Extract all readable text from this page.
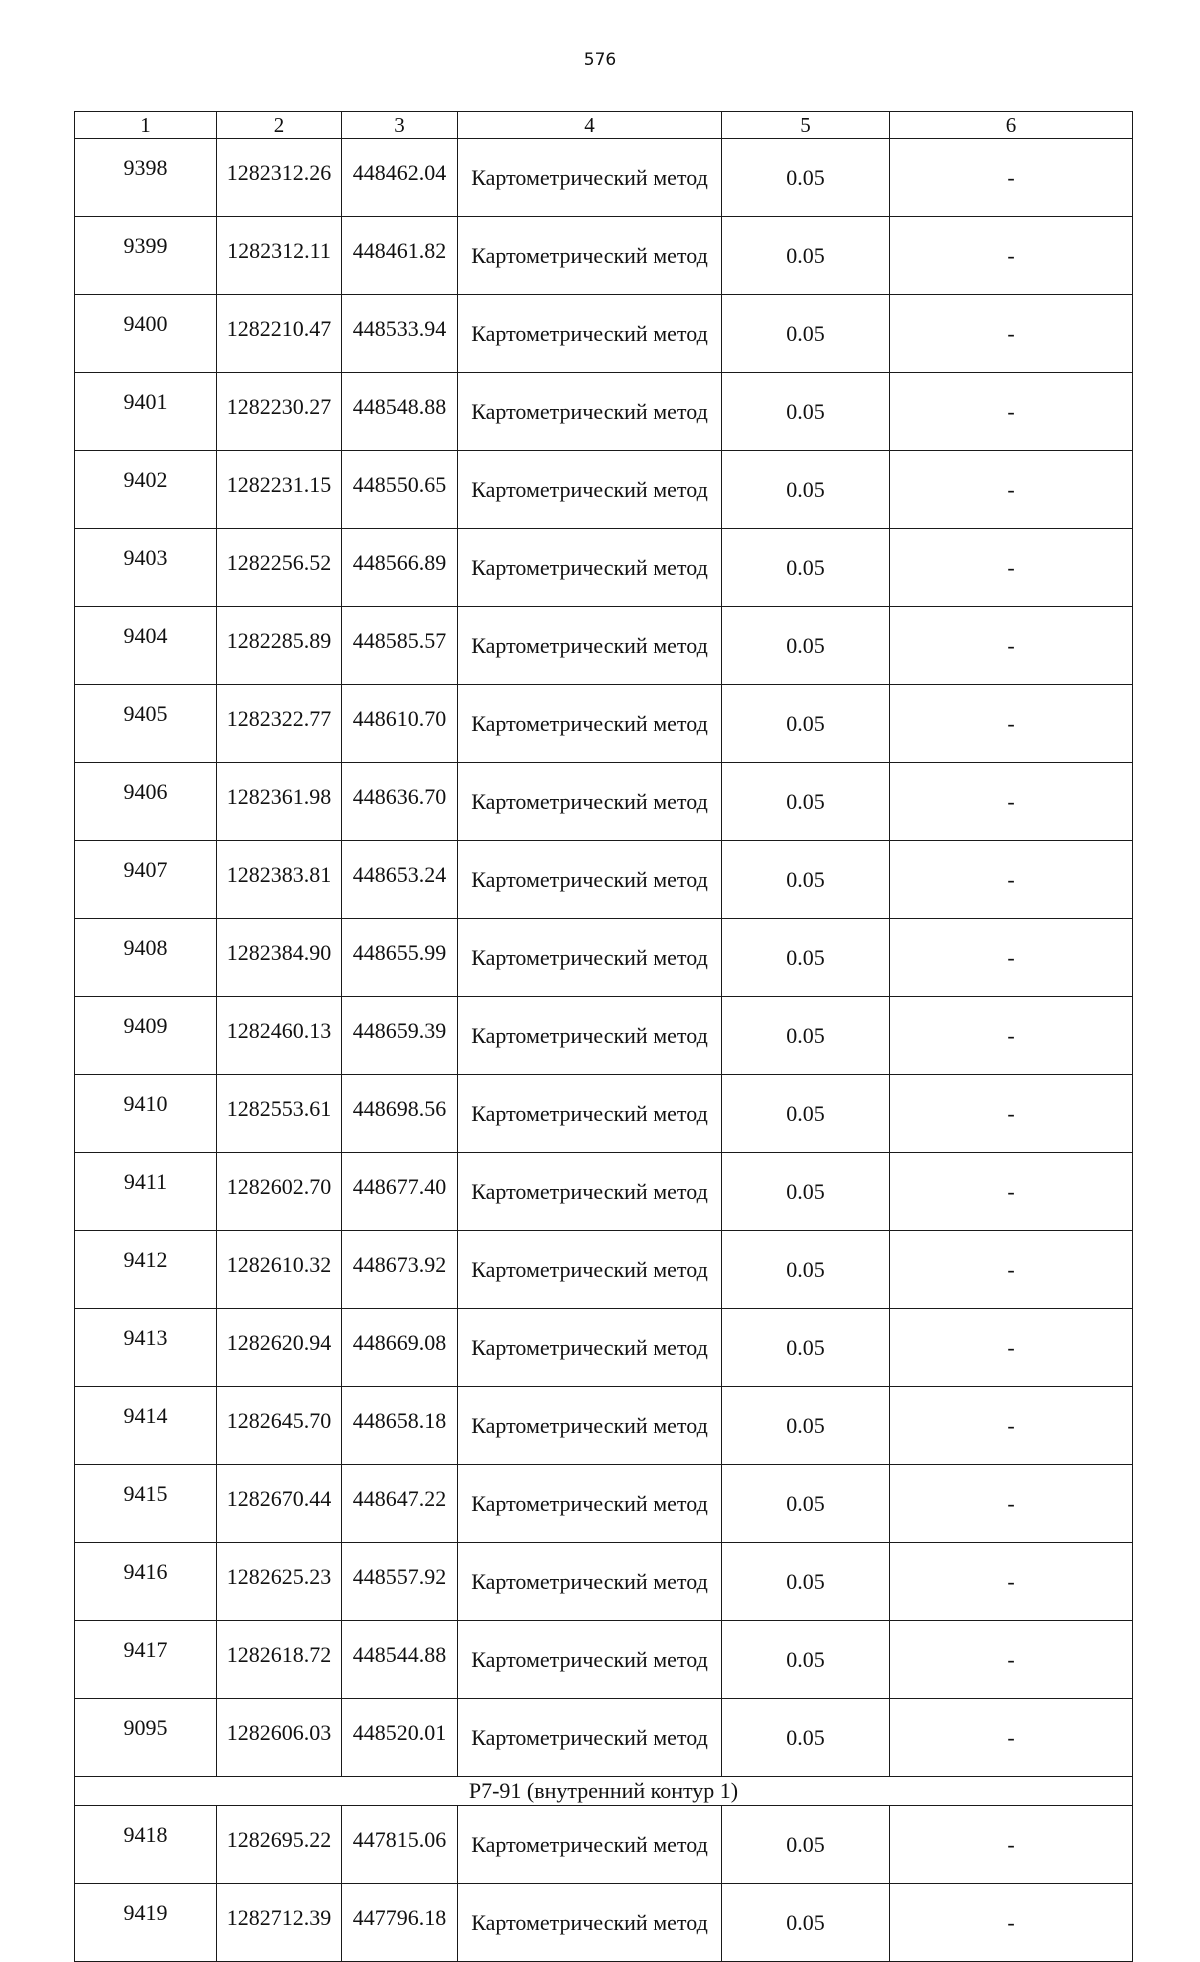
576
1	2	3	4	5	6
9398	1282312.26	448462.04	Картометрический метод	0.05	-
9399	1282312.11	448461.82	Картометрический метод	0.05	-
9400	1282210.47	448533.94	Картометрический метод	0.05	-
9401	1282230.27	448548.88	Картометрический метод	0.05	-
9402	1282231.15	448550.65	Картометрический метод	0.05	-
9403	1282256.52	448566.89	Картометрический метод	0.05	-
9404	1282285.89	448585.57	Картометрический метод	0.05	-
9405	1282322.77	448610.70	Картометрический метод	0.05	-
9406	1282361.98	448636.70	Картометрический метод	0.05	-
9407	1282383.81	448653.24	Картометрический метод	0.05	-
9408	1282384.90	448655.99	Картометрический метод	0.05	-
9409	1282460.13	448659.39	Картометрический метод	0.05	-
9410	1282553.61	448698.56	Картометрический метод	0.05	-
9411	1282602.70	448677.40	Картометрический метод	0.05	-
9412	1282610.32	448673.92	Картометрический метод	0.05	-
9413	1282620.94	448669.08	Картометрический метод	0.05	-
9414	1282645.70	448658.18	Картометрический метод	0.05	-
9415	1282670.44	448647.22	Картометрический метод	0.05	-
9416	1282625.23	448557.92	Картометрический метод	0.05	-
9417	1282618.72	448544.88	Картометрический метод	0.05	-
9095	1282606.03	448520.01	Картометрический метод	0.05	-
Р7-91 (внутренний контур 1)					
9418	1282695.22	447815.06	Картометрический метод	0.05	-
9419	1282712.39	447796.18	Картометрический метод	0.05	-
